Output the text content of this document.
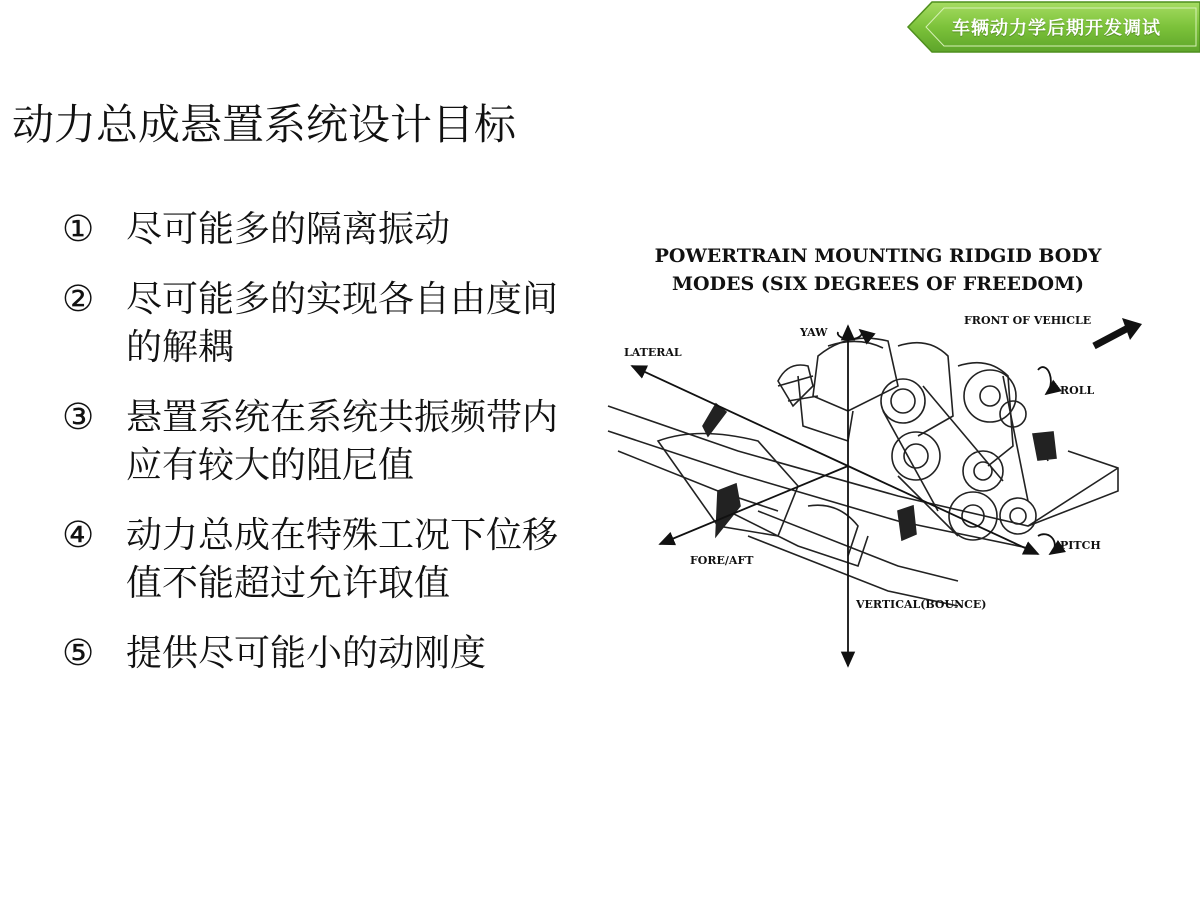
车辆动力学后期开发调试
动力总成悬置系统设计目标
① 尽可能多的隔离振动
② 尽可能多的实现各自由度间的解耦
③ 悬置系统在系统共振频带内应有较大的阻尼值
④ 动力总成在特殊工况下位移值不能超过允许取值
⑤ 提供尽可能小的动刚度
POWERTRAIN MOUNTING RIDGID BODY
MODES (SIX DEGREES OF FREEDOM)
YAW
FRONT OF VEHICLE
LATERAL
ROLL
FORE/AFT
PITCH
VERTICAL(BOUNCE)
